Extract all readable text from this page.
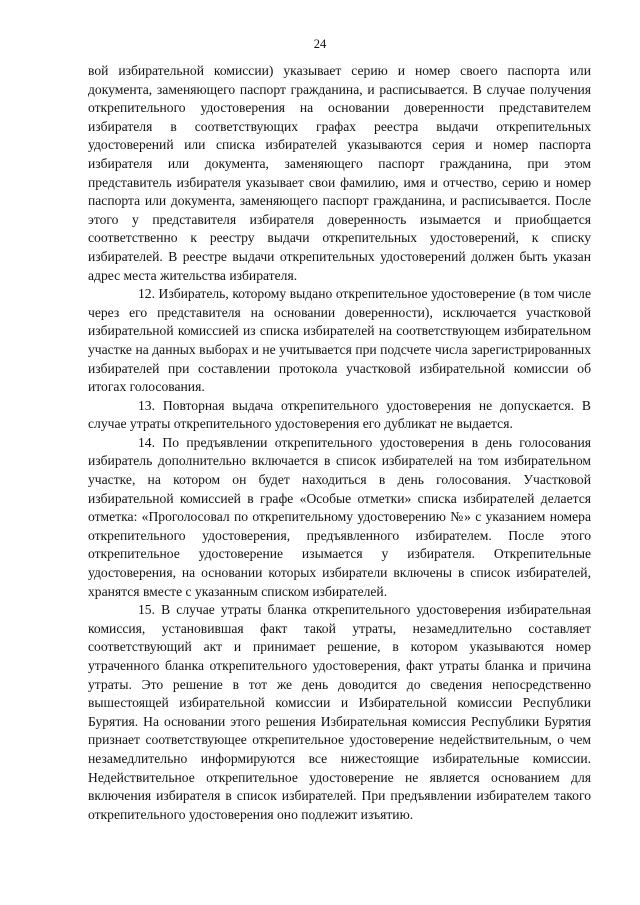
24

вой избирательной комиссии) указывает серию и номер своего паспорта или документа, заменяющего паспорт гражданина, и расписывается. В случае получения открепительного удостоверения на основании доверенности представителем избирателя в соответствующих графах реестра выдачи открепительных удостоверений или списка избирателей указываются серия и номер паспорта избирателя или документа, заменяющего паспорт гражданина, при этом представитель избирателя указывает свои фамилию, имя и отчество, серию и номер паспорта или документа, заменяющего паспорт гражданина, и расписывается. После этого у представителя избирателя доверенность изымается и приобщается соответственно к реестру выдачи открепительных удостоверений, к списку избирателей. В реестре выдачи открепительных удостоверений должен быть указан адрес места жительства избирателя.

12. Избиратель, которому выдано открепительное удостоверение (в том числе через его представителя на основании доверенности), исключается участковой избирательной комиссией из списка избирателей на соответствующем избирательном участке на данных выборах и не учитывается при подсчете числа зарегистрированных избирателей при составлении протокола участковой избирательной комиссии об итогах голосования.

13. Повторная выдача открепительного удостоверения не допускается. В случае утраты открепительного удостоверения его дубликат не выдается.

14. По предъявлении открепительного удостоверения в день голосования избиратель дополнительно включается в список избирателей на том избирательном участке, на котором он будет находиться в день голосования. Участковой избирательной комиссией в графе «Особые отметки» списка избирателей делается отметка: «Проголосовал по открепительному удостоверению №» с указанием номера открепительного удостоверения, предъявленного избирателем. После этого открепительное удостоверение изымается у избирателя. Открепительные удостоверения, на основании которых избиратели включены в список избирателей, хранятся вместе с указанным списком избирателей.

15. В случае утраты бланка открепительного удостоверения избирательная комиссия, установившая факт такой утраты, незамедлительно составляет соответствующий акт и принимает решение, в котором указываются номер утраченного бланка открепительного удостоверения, факт утраты бланка и причина утраты. Это решение в тот же день доводится до сведения непосредственно вышестоящей избирательной комиссии и Избирательной комиссии Республики Бурятия. На основании этого решения Избирательная комиссия Республики Бурятия признает соответствующее открепительное удостоверение недействительным, о чем незамедлительно информируются все нижестоящие избирательные комиссии. Недействительное открепительное удостоверение не является основанием для включения избирателя в список избирателей. При предъявлении избирателем такого открепительного удостоверения оно подлежит изъятию.
